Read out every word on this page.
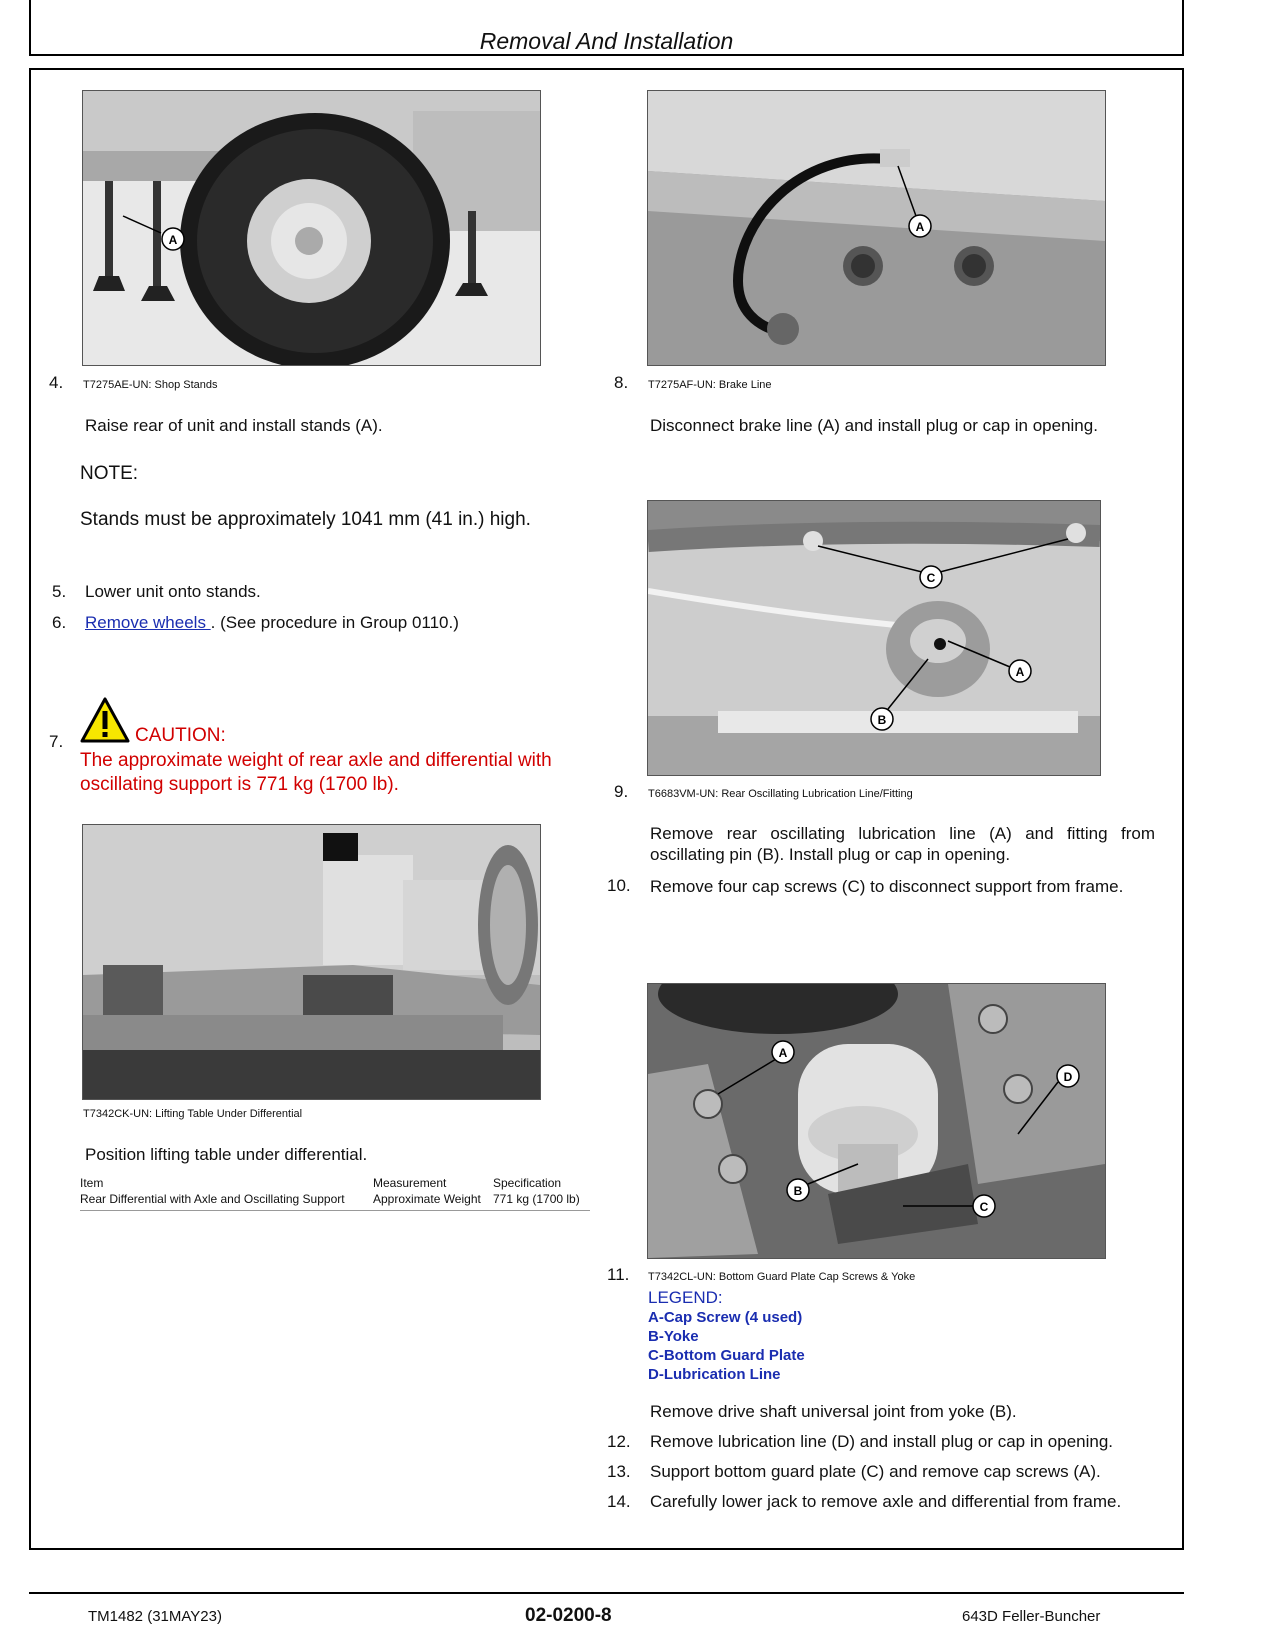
Removal And Installation
A
4. T7275AE-UN: Shop Stands
Raise rear of unit and install stands (A).
NOTE:
Stands must be approximately 1041 mm (41 in.) high.
5. Lower unit onto stands.
6. Remove wheels . (See procedure in Group 0110.)
7.	CAUTION:
The approximate weight of rear axle and differential with oscillating support is 771 kg (1700 lb).
T7342CK-UN: Lifting Table Under Differential
Position lifting table under differential.
Item	Measurement	Specification
Rear Differential with Axle and Oscillating Support	Approximate Weight	771 kg (1700 lb)
A
8. T7275AF-UN: Brake Line
Disconnect brake line (A) and install plug or cap in opening.
C
A
B
9. T6683VM-UN: Rear Oscillating Lubrication Line/Fitting
Remove rear oscillating lubrication line (A) and fitting from oscillating pin (B). Install plug or cap in opening.
10. Remove four cap screws (C) to disconnect support from frame.
A
B
C
D
11. T7342CL-UN: Bottom Guard Plate Cap Screws & Yoke
LEGEND:
A-Cap Screw (4 used)
B-Yoke
C-Bottom Guard Plate
D-Lubrication Line
Remove drive shaft universal joint from yoke (B).
12. Remove lubrication line (D) and install plug or cap in opening.
13. Support bottom guard plate (C) and remove cap screws (A).
14. Carefully lower jack to remove axle and differential from frame.
TM1482 (31MAY23)	02-0200-8	643D Feller-Buncher
